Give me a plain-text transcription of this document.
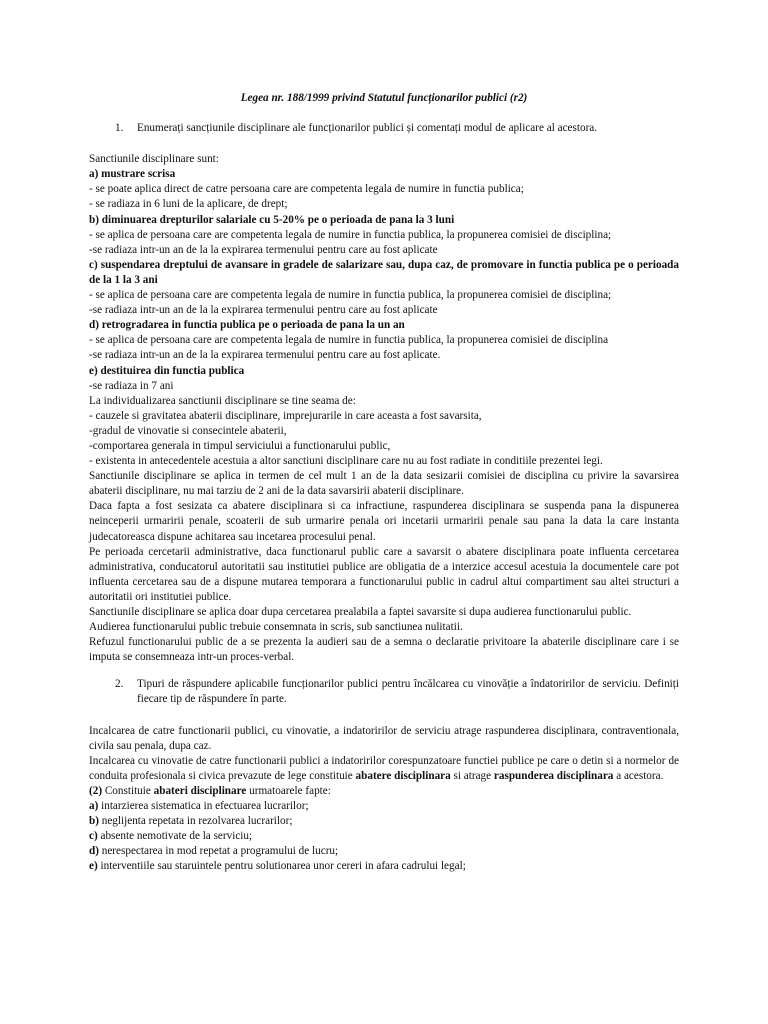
Legea nr. 188/1999 privind Statutul funcționarilor publici (r2)

1.	Enumerați sancțiunile disciplinare ale funcționarilor publici și comentați modul de aplicare al acestora.

Sanctiunile disciplinare sunt:

a) mustrare scrisa

- se poate aplica direct de catre persoana care are competenta legala de numire in functia publica;

- se radiaza in 6 luni de la aplicare, de drept;

b) diminuarea drepturilor salariale cu 5-20% pe o perioada de pana la 3 luni

- se aplica de persoana care are competenta legala de numire in functia publica, la propunerea comisiei de disciplina;

-se radiaza intr-un an de la la expirarea termenului pentru care au fost aplicate

c) suspendarea dreptului de avansare in gradele de salarizare sau, dupa caz, de promovare in functia publica pe o perioada de la 1 la 3 ani

- se aplica de persoana care are competenta legala de numire in functia publica, la propunerea comisiei de disciplina;

-se radiaza intr-un an de la la expirarea termenului pentru care au fost aplicate

d) retrogradarea in functia publica pe o perioada de pana la un an

- se aplica de persoana care are competenta legala de numire in functia publica, la propunerea comisiei de disciplina

-se radiaza intr-un an de la la expirarea termenului pentru care au fost aplicate.

e) destituirea din functia publica

-se radiaza in 7 ani

La individualizarea sanctiunii disciplinare se tine seama de:

- cauzele si gravitatea abaterii disciplinare, imprejurarile in care aceasta a fost savarsita,

-gradul de vinovatie si consecintele abaterii,

-comportarea generala in timpul serviciului a functionarului public,

- existenta in antecedentele acestuia a altor sanctiuni disciplinare care nu au fost radiate in conditiile prezentei legi.

Sanctiunile disciplinare se aplica in termen de cel mult 1 an de la data sesizarii comisiei de disciplina cu privire la savarsirea abaterii disciplinare, nu mai tarziu de 2 ani de la data savarsirii abaterii disciplinare.

Daca fapta a fost sesizata ca abatere disciplinara si ca infractiune, raspunderea disciplinara se suspenda pana la dispunerea neinceperii urmaririi penale, scoaterii de sub urmarire penala ori incetarii urmaririi penale sau pana la data la care instanta judecatoreasca dispune achitarea sau incetarea procesului penal.

Pe perioada cercetarii administrative, daca functionarul public care a savarsit o abatere disciplinara poate influenta cercetarea administrativa, conducatorul autoritatii sau institutiei publice are obligatia de a interzice accesul acestuia la documentele care pot influenta cercetarea sau de a dispune mutarea temporara a functionarului public in cadrul altui compartiment sau altei structuri a autoritatii ori institutiei publice.

Sanctiunile disciplinare se aplica doar dupa cercetarea prealabila a faptei savarsite si dupa audierea functionarului public.

Audierea functionarului public trebuie consemnata in scris, sub sanctiunea nulitatii.

Refuzul functionarului public de a se prezenta la audieri sau de a semna o declaratie privitoare la abaterile disciplinare care i se imputa se consemneaza intr-un proces-verbal.

2.	Tipuri de răspundere aplicabile funcționarilor publici pentru încălcarea cu vinovăție a îndatoririlor de serviciu. Definiți fiecare tip de răspundere în parte.

Incalcarea de catre functionarii publici, cu vinovatie, a indatoririlor de serviciu atrage raspunderea disciplinara, contraventionala, civila sau penala, dupa caz.

Incalcarea cu vinovatie de catre functionarii publici a indatoririlor corespunzatoare functiei publice pe care o detin si a normelor de conduita profesionala si civica prevazute de lege constituie abatere disciplinara si atrage raspunderea disciplinara a acestora.

(2) Constituie abateri disciplinare urmatoarele fapte:

a) intarzierea sistematica in efectuarea lucrarilor;

b) neglijenta repetata in rezolvarea lucrarilor;

c) absente nemotivate de la serviciu;

d) nerespectarea in mod repetat a programului de lucru;

e) interventiile sau staruintele pentru solutionarea unor cereri in afara cadrului legal;
